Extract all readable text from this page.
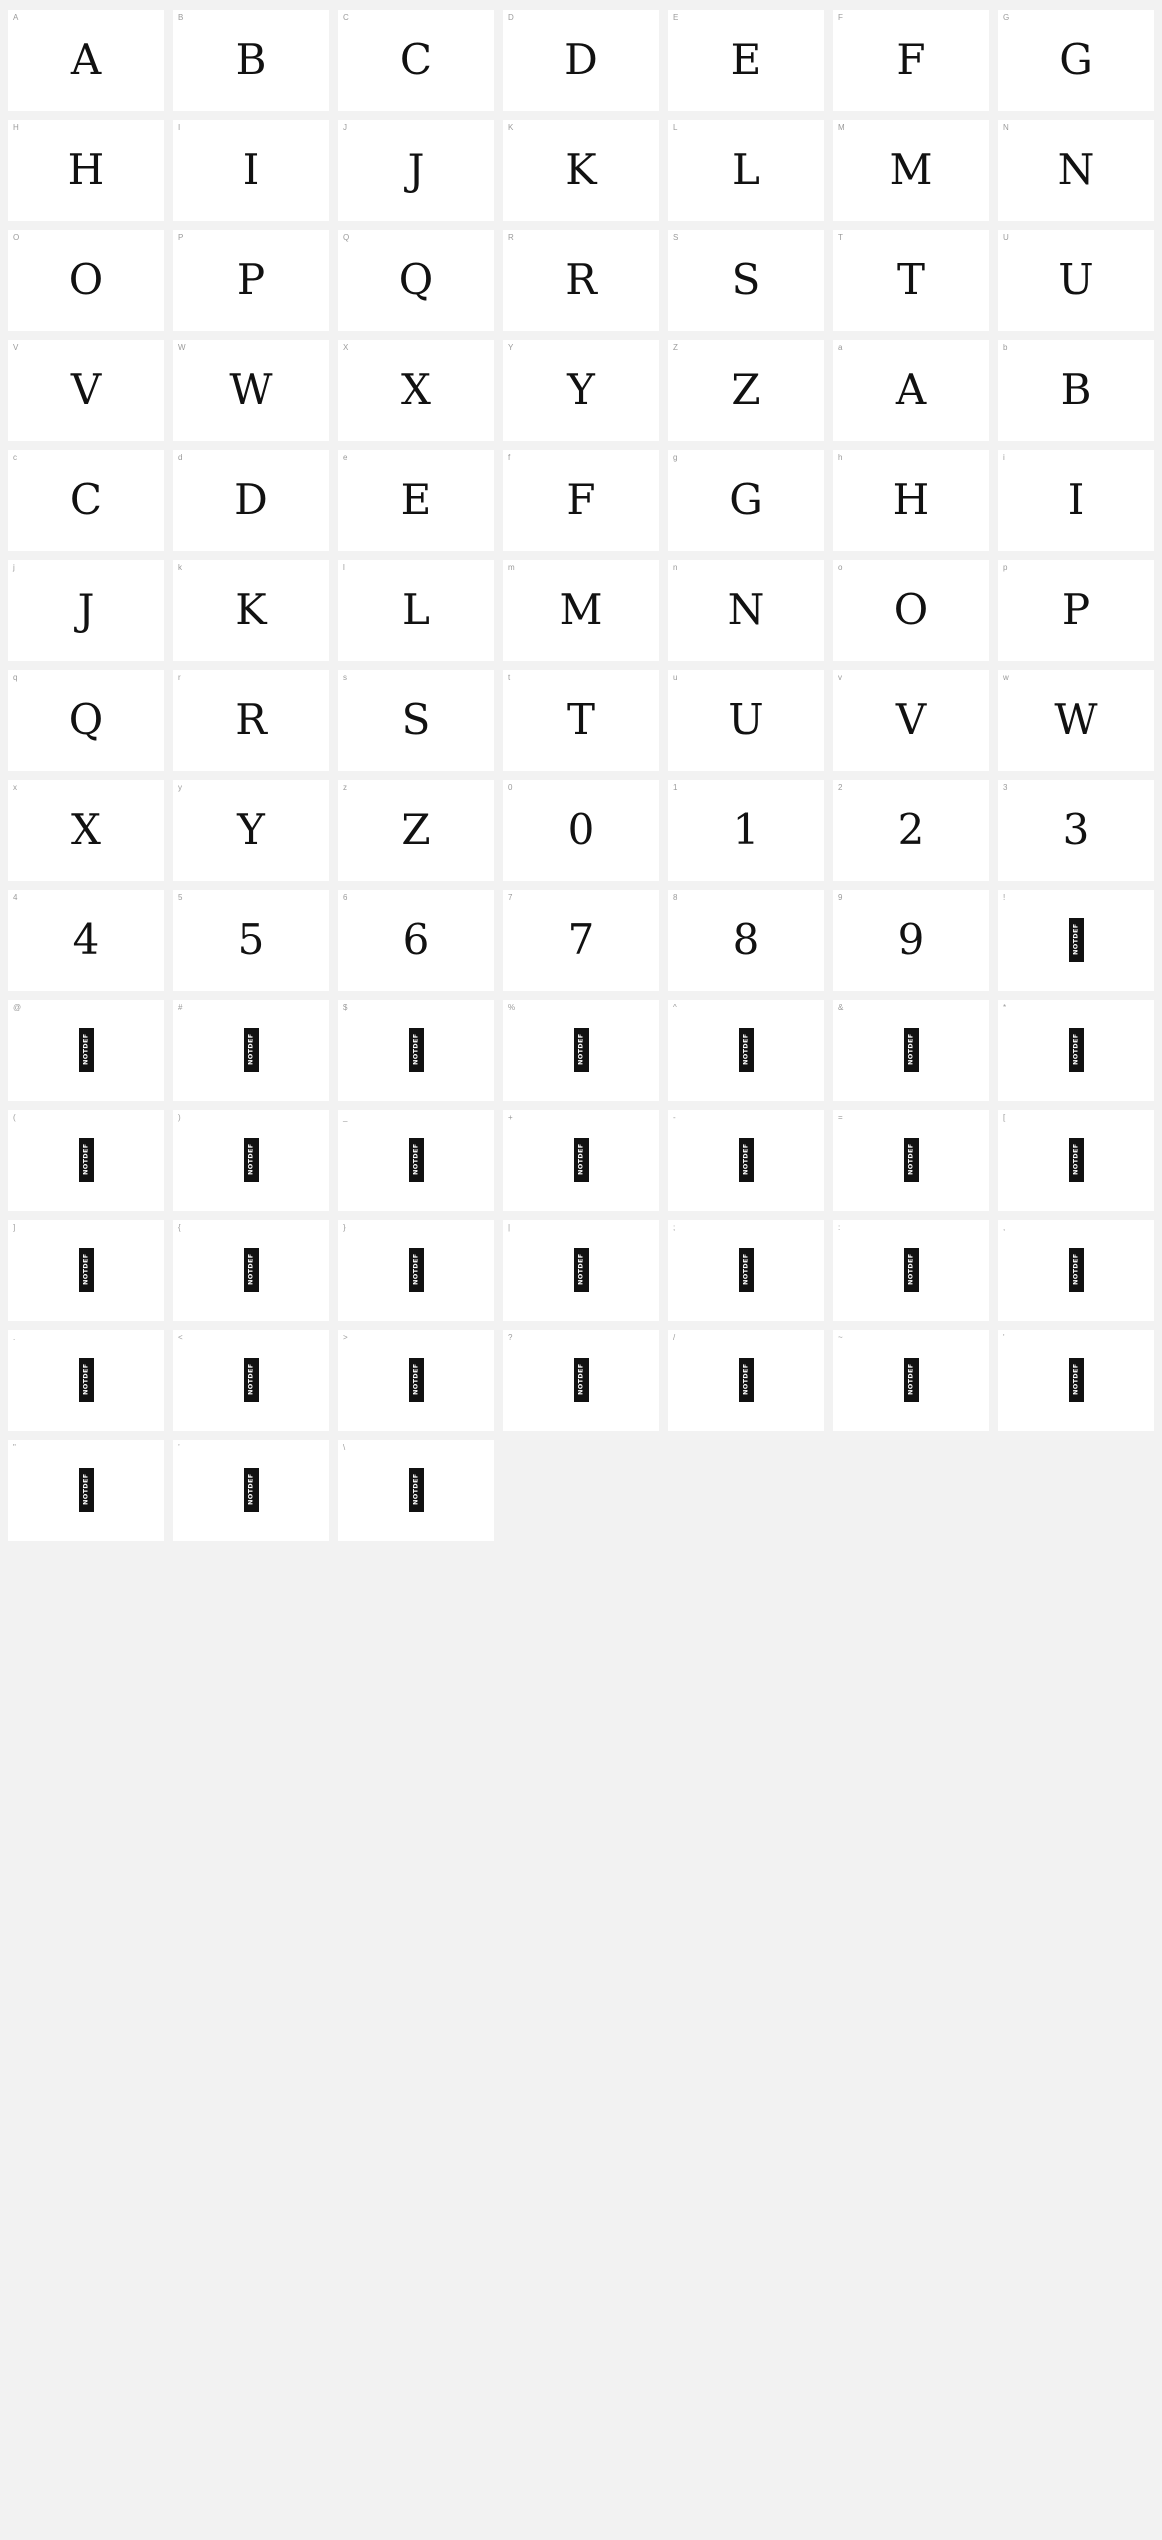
A
A
B
B
C
C
D
D
E
E
F
F
G
G
H
H
I
I
J
J
K
K
L
L
M
M
N
N
O
O
P
P
Q
Q
R
R
S
S
T
T
U
U
V
V
W
W
X
X
Y
Y
Z
Z
a
A
b
B
c
C
d
D
e
E
f
F
g
G
h
H
i
I
j
J
k
K
l
L
m
M
n
N
o
O
p
P
q
Q
r
R
s
S
t
T
u
U
v
V
w
W
x
X
y
Y
z
Z
0
0
1
1
2
2
3
3
4
4
5
5
6
6
7
7
8
8
9
9
!
NOTDEF
@
NOTDEF
#
NOTDEF
$
NOTDEF
%
NOTDEF
^
NOTDEF
&
NOTDEF
*
NOTDEF
(
NOTDEF
)
NOTDEF
_
NOTDEF
+
NOTDEF
-
NOTDEF
=
NOTDEF
[
NOTDEF
]
NOTDEF
{
NOTDEF
}
NOTDEF
|
NOTDEF
;
NOTDEF
:
NOTDEF
,
NOTDEF
.
NOTDEF
<
NOTDEF
>
NOTDEF
?
NOTDEF
/
NOTDEF
~
NOTDEF
'
NOTDEF
"
NOTDEF
’
NOTDEF
\
NOTDEF
